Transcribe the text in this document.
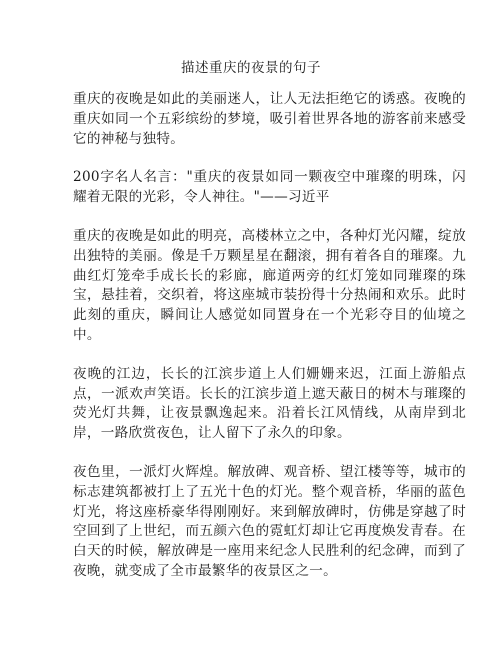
描述重庆的夜景的句子

重庆的夜晚是如此的美丽迷人，让人无法拒绝它的诱惑。夜晚的重庆如同一个五彩缤纷的梦境，吸引着世界各地的游客前来感受它的神秘与独特。

200字名人名言："重庆的夜景如同一颗夜空中璀璨的明珠，闪耀着无限的光彩，令人神往。"——习近平

重庆的夜晚是如此的明亮，高楼林立之中，各种灯光闪耀，绽放出独特的美丽。像是千万颗星星在翻滚，拥有着各自的璀璨。九曲红灯笼牵手成长长的彩廊，廊道两旁的红灯笼如同璀璨的珠宝，悬挂着，交织着，将这座城市装扮得十分热闹和欢乐。此时此刻的重庆，瞬间让人感觉如同置身在一个光彩夺目的仙境之中。

夜晚的江边，长长的江滨步道上人们姗姗来迟，江面上游船点点，一派欢声笑语。长长的江滨步道上遮天蔽日的树木与璀璨的荧光灯共舞，让夜景飘逸起来。沿着长江风情线，从南岸到北岸，一路欣赏夜色，让人留下了永久的印象。

夜色里，一派灯火辉煌。解放碑、观音桥、望江楼等等，城市的标志建筑都被打上了五光十色的灯光。整个观音桥，华丽的蓝色灯光，将这座桥豪华得刚刚好。来到解放碑时，仿佛是穿越了时空回到了上世纪，而五颜六色的霓虹灯却让它再度焕发青春。在白天的时候，解放碑是一座用来纪念人民胜利的纪念碑，而到了夜晚，就变成了全市最繁华的夜景区之一。
